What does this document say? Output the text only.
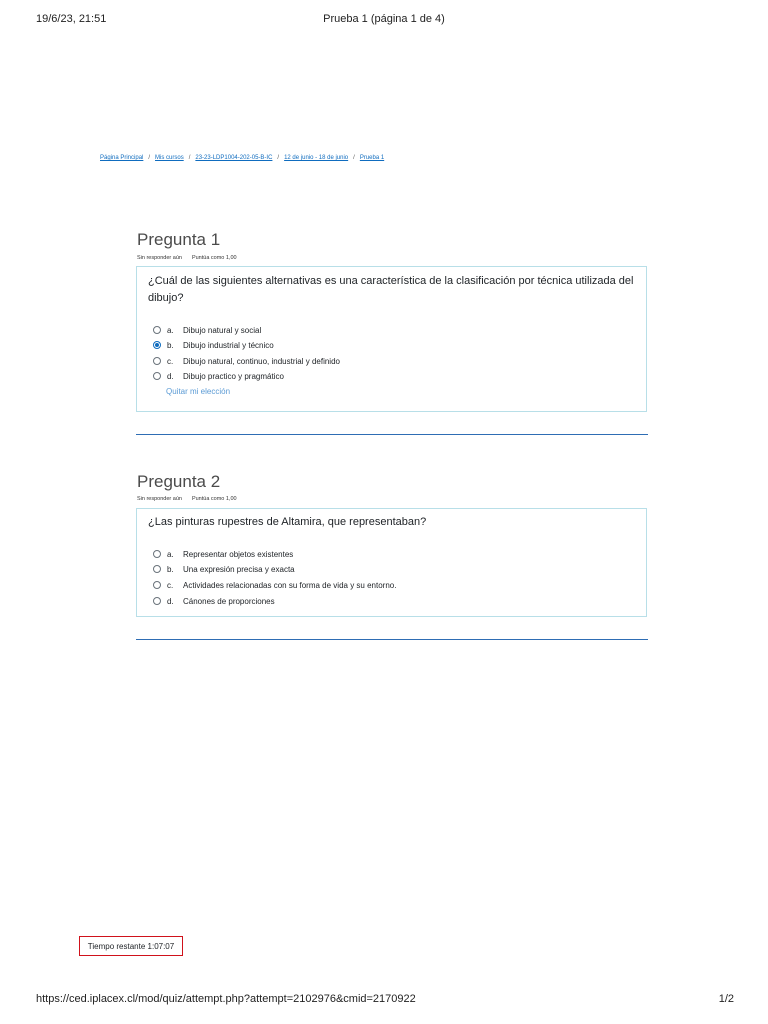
19/6/23, 21:51	Prueba 1 (página 1 de 4)
Página Principal / Mis cursos / 23-23-LDP1004-202-05-B-IC / 12 de junio - 18 de junio / Prueba 1
Pregunta 1
Sin responder aún Puntúa como 1,00
¿Cuál de las siguientes alternativas es una característica de la clasificación por técnica utilizada del dibujo?
a.	Dibujo natural y social
b.	Dibujo industrial y técnico
c.	Dibujo natural, continuo, industrial y definido
d.	Dibujo practico y pragmático
Quitar mi elección
Pregunta 2
Sin responder aún Puntúa como 1,00
¿Las pinturas rupestres de Altamira, que representaban?
a.	Representar objetos existentes
b.	Una expresión precisa y exacta
c.	Actividades relacionadas con su forma de vida y su entorno.
d.	Cánones de proporciones
Tiempo restante
1:07:07
https://ced.iplacex.cl/mod/quiz/attempt.php?attempt=2102976&cmid=2170922	1/2
